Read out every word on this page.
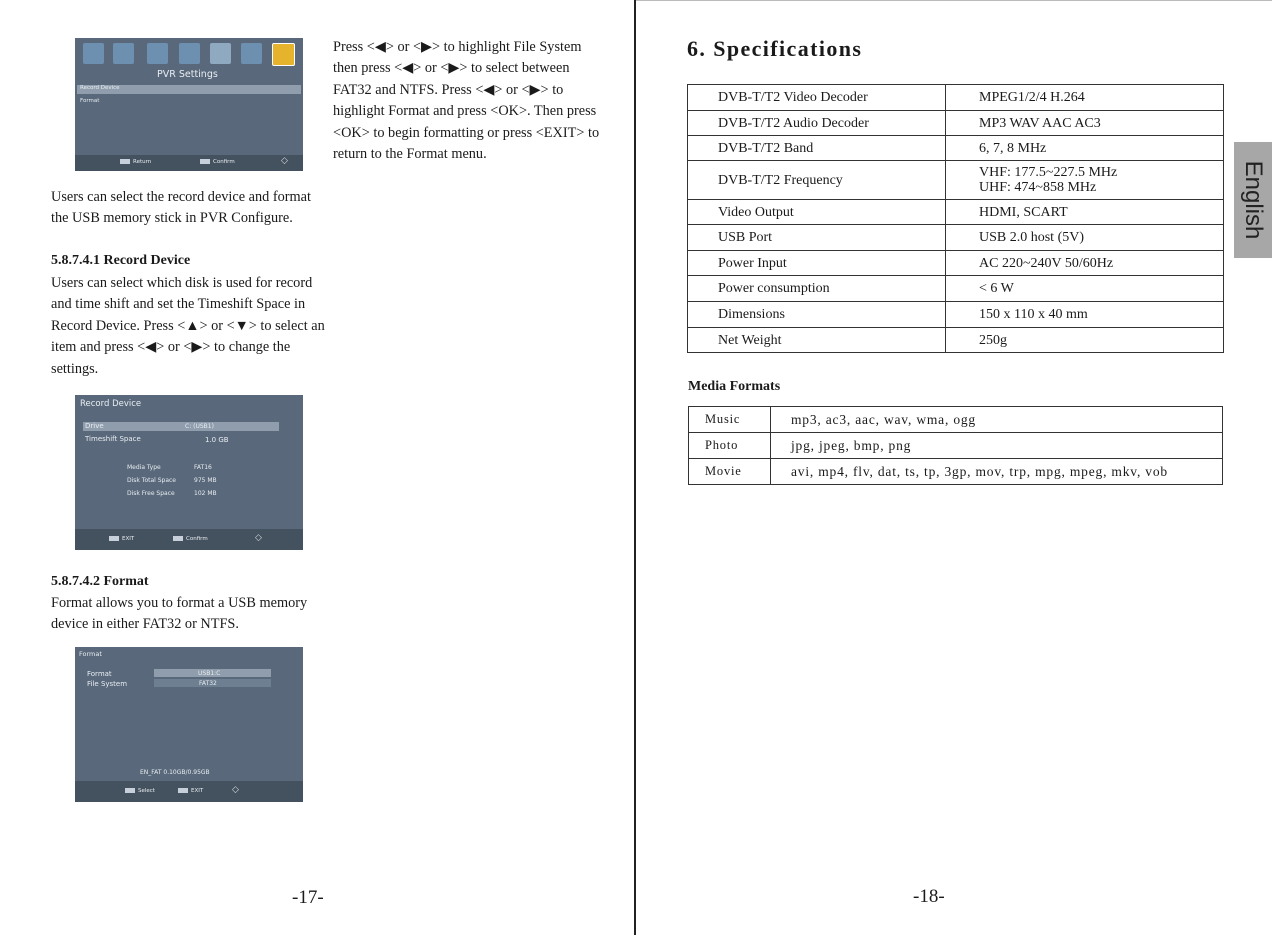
PVR Settings
Record Device
Format
Return	Confirm	◇

Press <◀> or <▶> to highlight File System then press <◀> or <▶> to select between FAT32 and NTFS. Press <◀> or <▶> to highlight Format and press <OK>. Then press <OK> to begin formatting or press <EXIT> to return to the Format menu.

Users can select the record device and format the USB memory stick in PVR Configure.

5.8.7.4.1 Record Device

Users can select which disk is used for record and time shift and set the Timeshift Space in Record Device. Press <▲> or <▼> to select an item and press <◀> or <▶> to change the settings.

Record Device
Drive	C: (USB1)
Timeshift Space	1.0 GB
Media Type	FAT16
Disk Total Space	975 MB
Disk Free Space	102 MB
EXIT	Confirm	◇

5.8.7.4.2 Format

Format allows you to format a USB memory device in either FAT32 or NTFS.

Format
Format	USB1:C
File System	FAT32
EN_FAT 0.10GB/0.95GB
Select	EXIT	◇
-17-
6. Specifications
DVB-T/T2 Video Decoder	MPEG1/2/4 H.264
DVB-T/T2 Audio Decoder	MP3 WAV AAC AC3
DVB-T/T2 Band	6, 7, 8 MHz
DVB-T/T2 Frequency	VHF: 177.5~227.5 MHz
UHF: 474~858 MHz

Video Output	HDMI, SCART
USB Port	USB 2.0 host (5V)
Power Input	AC 220~240V 50/60Hz
Power consumption	< 6 W
Dimensions	150 x 110 x 40 mm
Net Weight	250g

Media Formats

Music	mp3, ac3, aac, wav, wma, ogg
Photo	jpg, jpeg, bmp, png
Movie	avi, mp4, flv, dat, ts, tp, 3gp, mov, trp, mpg, mpeg, mkv, vob
English
-18-
